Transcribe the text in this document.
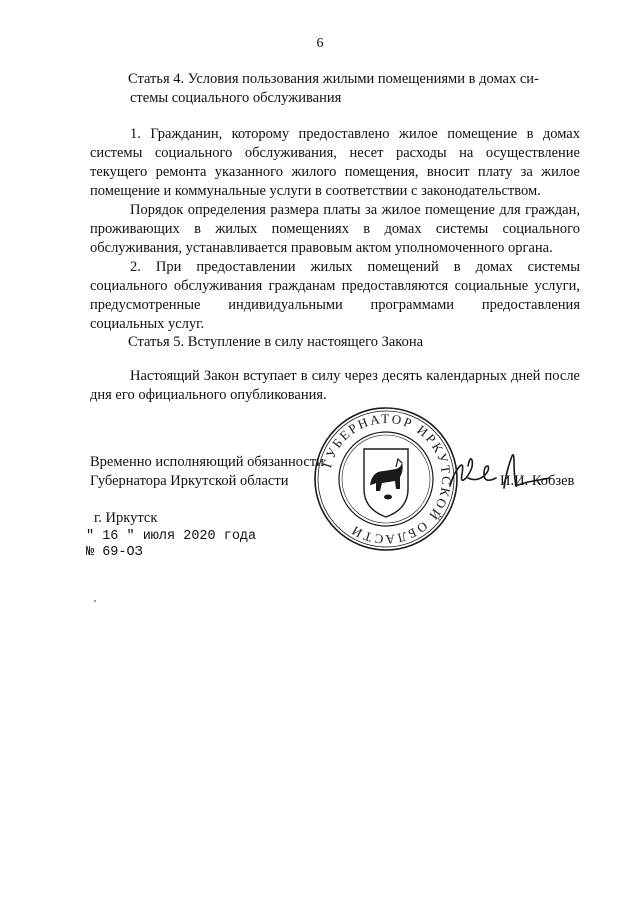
6
Статья 4. Условия пользования жилыми помещениями в домах си-
стемы социального обслуживания

1. Гражданин, которому предоставлено жилое помещение в домах системы социального обслуживания, несет расходы на осуществление текущего ремонта указанного жилого помещения, вносит плату за жилое помещение и коммунальные услуги в соответствии с законодательством.

Порядок определения размера платы за жилое помещение для граждан, проживающих в жилых помещениях в домах системы социального обслуживания, устанавливается правовым актом уполномоченного органа.

2. При предоставлении жилых помещений в домах системы социального обслуживания гражданам предоставляются социальные услуги, предусмотренные индивидуальными программами предоставления социальных услуг.

Статья 5. Вступление в силу настоящего Закона

Настоящий Закон вступает в силу через десять календарных дней после дня его официального опубликования.

ГУБЕРНАТОР ИРКУТСКОЙ ОБЛАСТИ
Временно исполняющий обязанности
Губернатора Иркутской области	И.И. Кобзев
г. Иркутск
" 16 " июля 2020 года
№ 69-ОЗ
